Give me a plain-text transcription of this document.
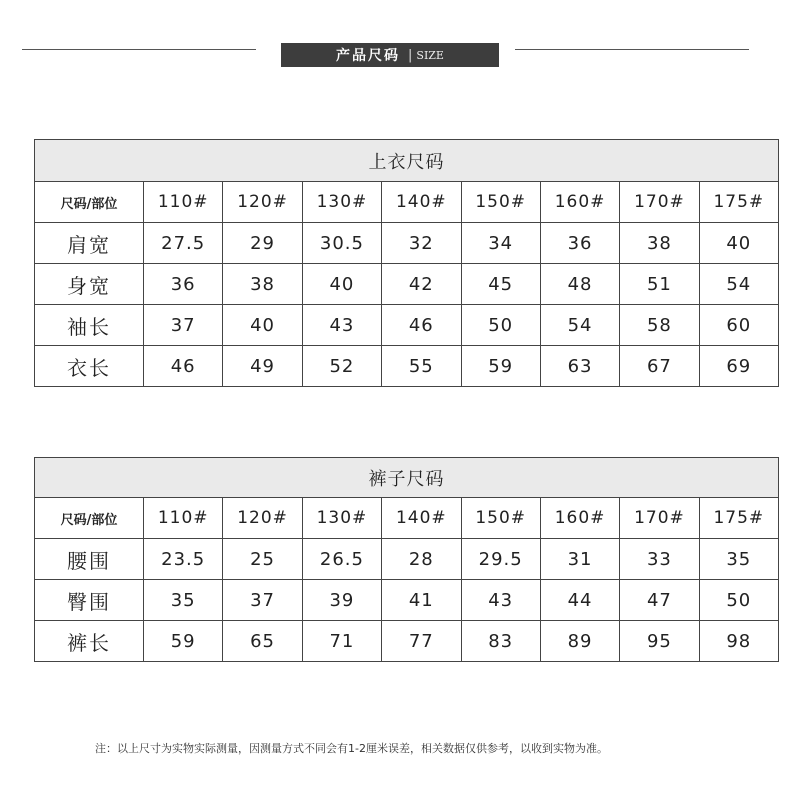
产品尺码 | SIZE
上衣尺码								
尺码/部位	110#	120#	130#	140#	150#	160#	170#	175#
肩宽	27.5	29	30.5	32	34	36	38	40
身宽	36	38	40	42	45	48	51	54
袖长	37	40	43	46	50	54	58	60
衣长	46	49	52	55	59	63	67	69
裤子尺码								
尺码/部位	110#	120#	130#	140#	150#	160#	170#	175#
腰围	23.5	25	26.5	28	29.5	31	33	35
臀围	35	37	39	41	43	44	47	50
裤长	59	65	71	77	83	89	95	98
注：以上尺寸为实物实际测量，因测量方式不同会有1-2厘米误差，相关数据仅供参考，以收到实物为准。
